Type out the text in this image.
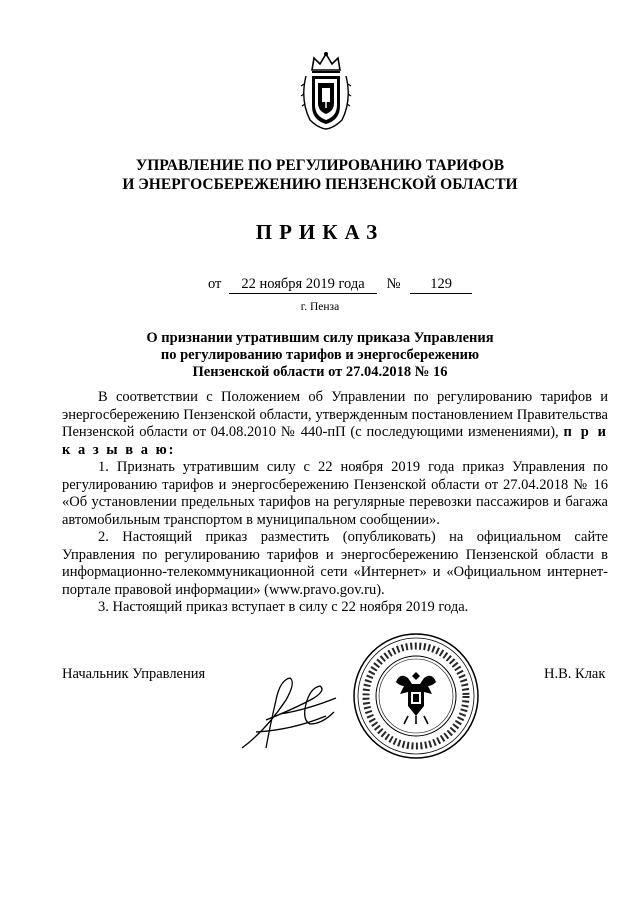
УПРАВЛЕНИЕ ПО РЕГУЛИРОВАНИЮ ТАРИФОВ
И ЭНЕРГОСБЕРЕЖЕНИЮ ПЕНЗЕНСКОЙ ОБЛАСТИ
ПРИКАЗ
от 22 ноября 2019 года № 129
г. Пенза
О признании утратившим силу приказа Управления
по регулированию тарифов и энергосбережению
Пензенской области от 27.04.2018 № 16

В соответствии с Положением об Управлении по регулированию тарифов и энергосбережению Пензенской области, утвержденным постановлением Правительства Пензенской области от 04.08.2010 № 440-пП (с последующими изменениями), п р и к а з ы в а ю:

1. Признать утратившим силу с 22 ноября 2019 года приказ Управления по регулированию тарифов и энергосбережению Пензенской области от 27.04.2018 № 16 «Об установлении предельных тарифов на регулярные перевозки пассажиров и багажа автомобильным транспортом в муниципальном сообщении».

2. Настоящий приказ разместить (опубликовать) на официальном сайте Управления по регулированию тарифов и энергосбережению Пензенской области в информационно-телекоммуникационной сети «Интернет» и «Официальном интернет-портале правовой информации» (www.pravo.gov.ru).

3. Настоящий приказ вступает в силу с 22 ноября 2019 года.

Начальник Управления	Н.В. Клак
